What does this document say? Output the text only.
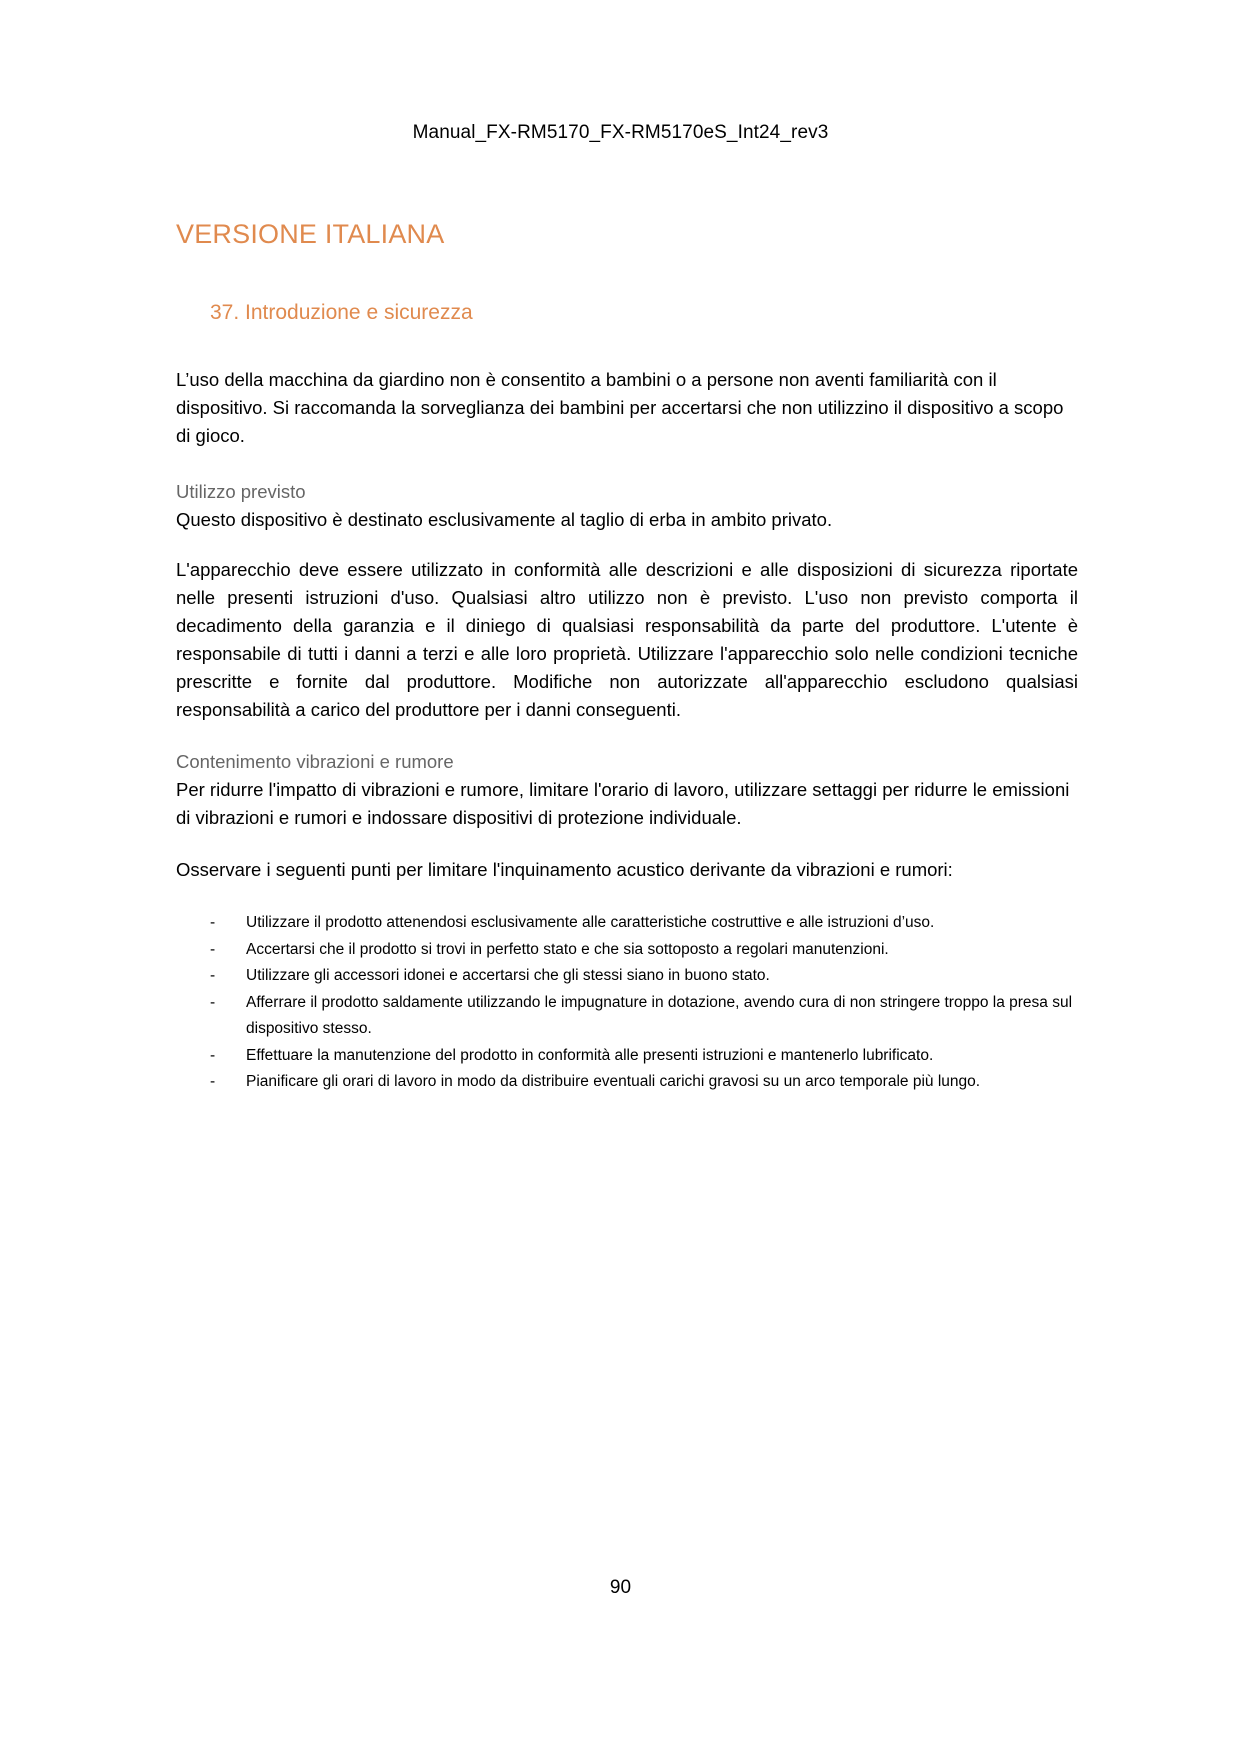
Manual_FX-RM5170_FX-RM5170eS_Int24_rev3
VERSIONE ITALIANA
37. Introduzione e sicurezza

L’uso della macchina da giardino non è consentito a bambini o a persone non aventi familiarità con il dispositivo. Si raccomanda la sorveglianza dei bambini per accertarsi che non utilizzino il dispositivo a scopo di gioco.

Utilizzo previsto

Questo dispositivo è destinato esclusivamente al taglio di erba in ambito privato.

L'apparecchio deve essere utilizzato in conformità alle descrizioni e alle disposizioni di sicurezza riportate nelle presenti istruzioni d'uso. Qualsiasi altro utilizzo non è previsto. L'uso non previsto comporta il decadimento della garanzia e il diniego di qualsiasi responsabilità da parte del produttore. L'utente è responsabile di tutti i danni a terzi e alle loro proprietà. Utilizzare l'apparecchio solo nelle condizioni tecniche prescritte e fornite dal produttore. Modifiche non autorizzate all'apparecchio escludono qualsiasi responsabilità a carico del produttore per i danni conseguenti.

Contenimento vibrazioni e rumore

Per ridurre l'impatto di vibrazioni e rumore, limitare l'orario di lavoro, utilizzare settaggi per ridurre le emissioni di vibrazioni e rumori e indossare dispositivi di protezione individuale.

Osservare i seguenti punti per limitare l'inquinamento acustico derivante da vibrazioni e rumori:

- Utilizzare il prodotto attenendosi esclusivamente alle caratteristiche costruttive e alle istruzioni d’uso.
- Accertarsi che il prodotto si trovi in perfetto stato e che sia sottoposto a regolari manutenzioni.
- Utilizzare gli accessori idonei e accertarsi che gli stessi siano in buono stato.
- Afferrare il prodotto saldamente utilizzando le impugnature in dotazione, avendo cura di non stringere troppo la presa sul dispositivo stesso.
- Effettuare la manutenzione del prodotto in conformità alle presenti istruzioni e mantenerlo lubrificato.
- Pianificare gli orari di lavoro in modo da distribuire eventuali carichi gravosi su un arco temporale più lungo.
90
